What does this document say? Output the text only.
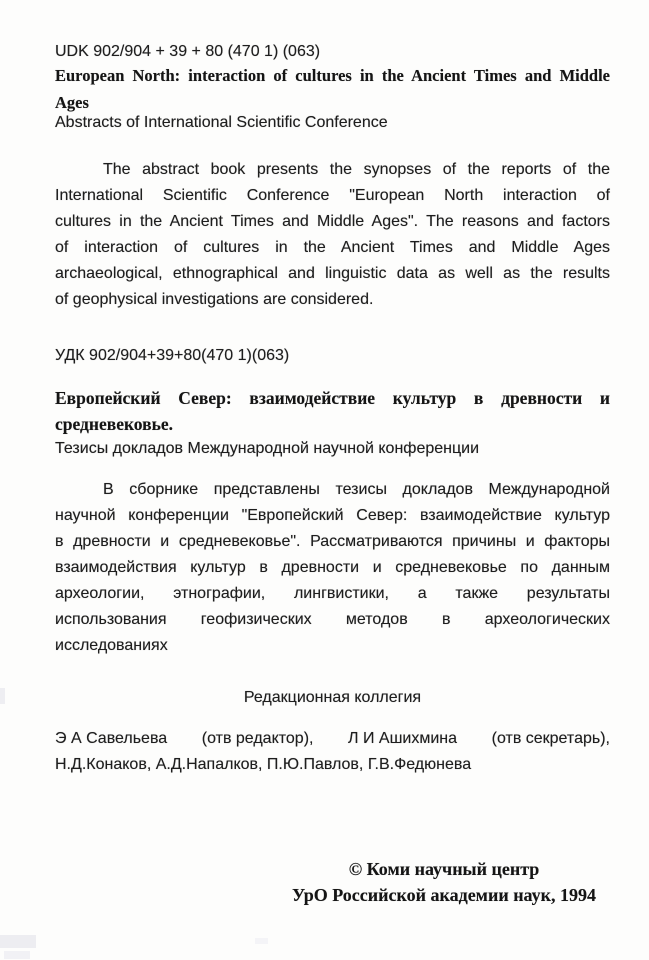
UDK 902/904 + 39 + 80 (470 1) (063)
European North: interaction of cultures in the Ancient Times and Middle
Ages
Abstracts of International Scientific Conference
The abstract book presents the synopses of the reports of the
International Scientific Conference "European North interaction of
cultures in the Ancient Times and Middle Ages". The reasons and factors
of interaction of cultures in the Ancient Times and Middle Ages
archaeological, ethnographical and linguistic data as well as the results
of geophysical investigations are considered.
УДК 902/904+39+80(470 1)(063)
Европейский Север: взаимодействие культур в древности и
средневековье.
Тезисы докладов Международной научной конференции
В сборнике представлены тезисы докладов Международной
научной конференции "Европейский Север: взаимодействие культур
в древности и средневековье". Рассматриваются причины и факторы
взаимодействия культур в древности и средневековье по данным
археологии, этнографии, лингвистики, а также результаты
использования геофизических методов в археологических
исследованиях
Редакционная коллегия
Э А Савельева (отв редактор), Л И Ашихмина (отв секретарь),
Н.Д.Конаков, А.Д.Напалков, П.Ю.Павлов, Г.В.Федюнева
© Коми научный центр
УрО Российской академии наук, 1994
